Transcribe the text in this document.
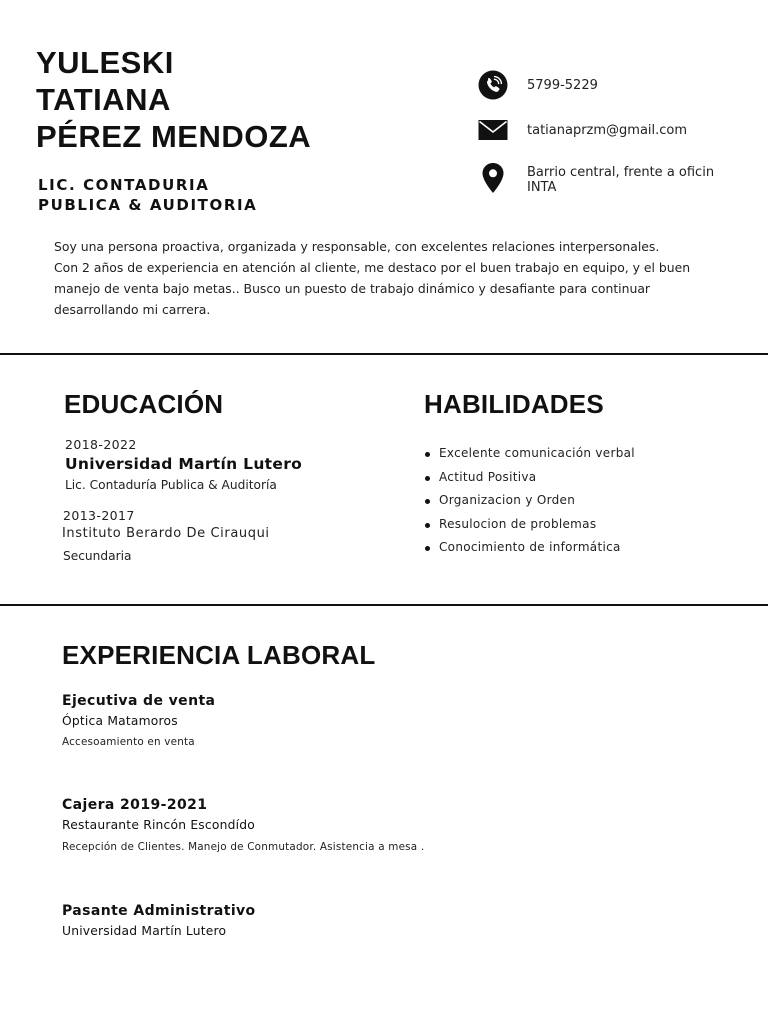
YULESKI
TATIANA
PÉREZ MENDOZA
LIC. CONTADURIA
PUBLICA & AUDITORIA
5799-5229
tatianaprzm@gmail.com
Barrio central, frente a oficin
INTA

Soy una persona proactiva, organizada y responsable, con excelentes relaciones interpersonales.

Con 2 años de experiencia en atención al cliente, me destaco por el buen trabajo en equipo, y el buen

manejo de venta bajo metas.. Busco un puesto de trabajo dinámico y desafiante para continuar

desarrollando mi carrera.

EDUCACIÓN
2018-2022
Universidad Martín Lutero
Lic. Contaduría Publica & Auditoría
2013-2017
Instituto Berardo De Cirauqui
Secundaria
HABILIDADES
Excelente comunicación verbal
Actitud Positiva
Organizacion y Orden
Resulocion de problemas
Conocimiento de informática
EXPERIENCIA LABORAL
Ejecutiva de venta
Óptica Matamoros
Accesoamiento en venta
Cajera 2019-2021
Restaurante Rincón Escondído
Recepción de Clientes. Manejo de Conmutador. Asistencia a mesa .
Pasante Administrativo
Universidad Martín Lutero
